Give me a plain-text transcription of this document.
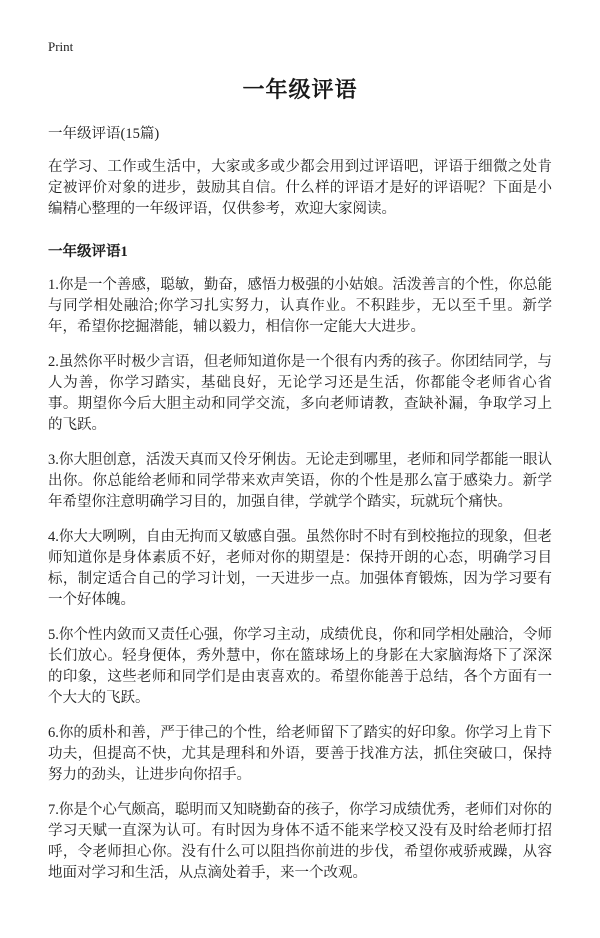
Print
一年级评语
一年级评语(15篇)

在学习、工作或生活中，大家或多或少都会用到过评语吧，评语于细微之处肯定被评价对象的进步，鼓励其自信。什么样的评语才是好的评语呢？下面是小编精心整理的一年级评语，仅供参考，欢迎大家阅读。

一年级评语1

1.你是一个善感，聪敏，勤奋，感悟力极强的小姑娘。活泼善言的个性，你总能与同学相处融洽;你学习扎实努力，认真作业。不积跬步，无以至千里。新学年，希望你挖掘潜能，辅以毅力，相信你一定能大大进步。

2.虽然你平时极少言语，但老师知道你是一个很有内秀的孩子。你团结同学，与人为善，你学习踏实，基础良好，无论学习还是生活，你都能令老师省心省事。期望你今后大胆主动和同学交流，多向老师请教，查缺补漏，争取学习上的飞跃。

3.你大胆创意，活泼天真而又伶牙俐齿。无论走到哪里，老师和同学都能一眼认出你。你总能给老师和同学带来欢声笑语，你的个性是那么富于感染力。新学年希望你注意明确学习目的，加强自律，学就学个踏实，玩就玩个痛快。

4.你大大咧咧，自由无拘而又敏感自强。虽然你时不时有到校拖拉的现象，但老师知道你是身体素质不好，老师对你的期望是：保持开朗的心态，明确学习目标，制定适合自己的学习计划，一天进步一点。加强体育锻炼，因为学习要有一个好体魄。

5.你个性内敛而又责任心强，你学习主动，成绩优良，你和同学相处融洽，令师长们放心。轻身便体，秀外慧中，你在篮球场上的身影在大家脑海烙下了深深的印象，这些老师和同学们是由衷喜欢的。希望你能善于总结，各个方面有一个大大的飞跃。

6.你的质朴和善，严于律己的个性，给老师留下了踏实的好印象。你学习上肯下功夫，但提高不快，尤其是理科和外语，要善于找准方法，抓住突破口，保持努力的劲头，让进步向你招手。

7.你是个心气颇高，聪明而又知晓勤奋的孩子，你学习成绩优秀，老师们对你的学习天赋一直深为认可。有时因为身体不适不能来学校又没有及时给老师打招呼，令老师担心你。没有什么可以阻挡你前进的步伐，希望你戒骄戒躁，从容地面对学习和生活，从点滴处着手，来一个改观。
